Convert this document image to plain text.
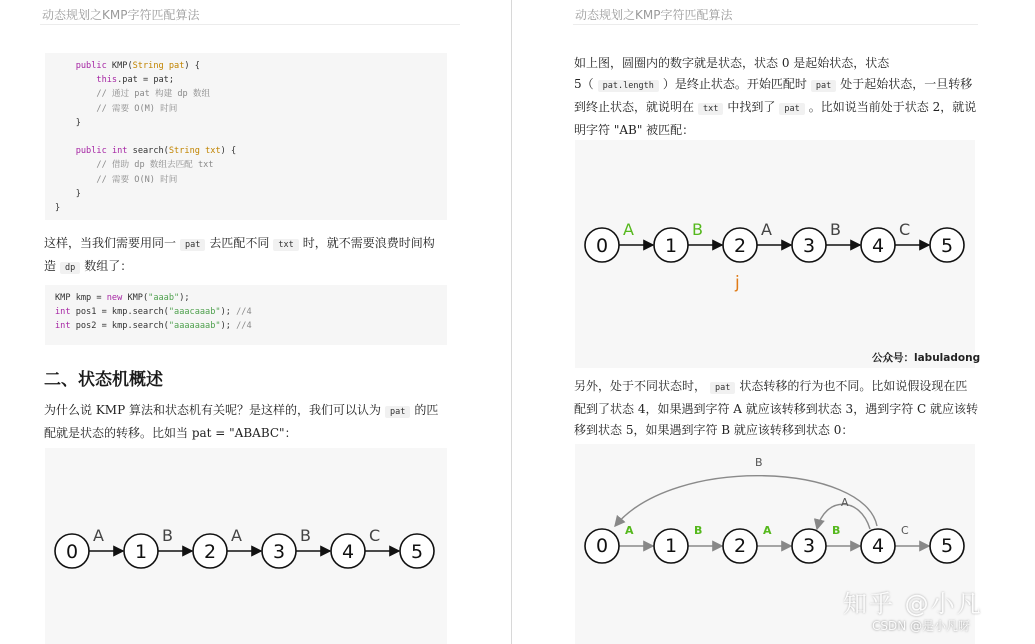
动态规划之KMP字符匹配算法
public KMP(String pat) {
this.pat = pat;
// 通过 pat 构建 dp 数组
// 需要 O(M) 时间
}
public int search(String txt) {
// 借助 dp 数组去匹配 txt
// 需要 O(N) 时间
}
}
这样，当我们需要用同一 pat 去匹配不同 txt 时，就不需要浪费时间构
造 dp 数组了：
KMP kmp = new KMP("aaab");
int pos1 = kmp.search("aaacaaab"); //4
int pos2 = kmp.search("aaaaaaab"); //4
二、状态机概述
为什么说 KMP 算法和状态机有关呢？是这样的，我们可以认为 pat 的匹
配就是状态的转移。比如当 pat = "ABABC"：
A	B	A	B	C
0	1	2	3	4	5
动态规划之KMP字符匹配算法
如上图，圆圈内的数字就是状态，状态 0 是起始状态，状态
5（ pat.length ）是终止状态。开始匹配时 pat 处于起始状态，一旦转移
到终止状态，就说明在 txt 中找到了 pat 。比如说当前处于状态 2，就说
明字符 "AB" 被匹配：
A	B	A	B	C
0	1	2	3	4	5
j
公众号：labuladong
另外，处于不同状态时， pat 状态转移的行为也不同。比如说假设现在匹
配到了状态 4，如果遇到字符 A 就应该转移到状态 3，遇到字符 C 就应该转
移到状态 5，如果遇到字符 B 就应该转移到状态 0：
A	B	A	B	C
B
A
0	1	2	3	4	5
知乎 @小凡
CSDN @是小凡呀
